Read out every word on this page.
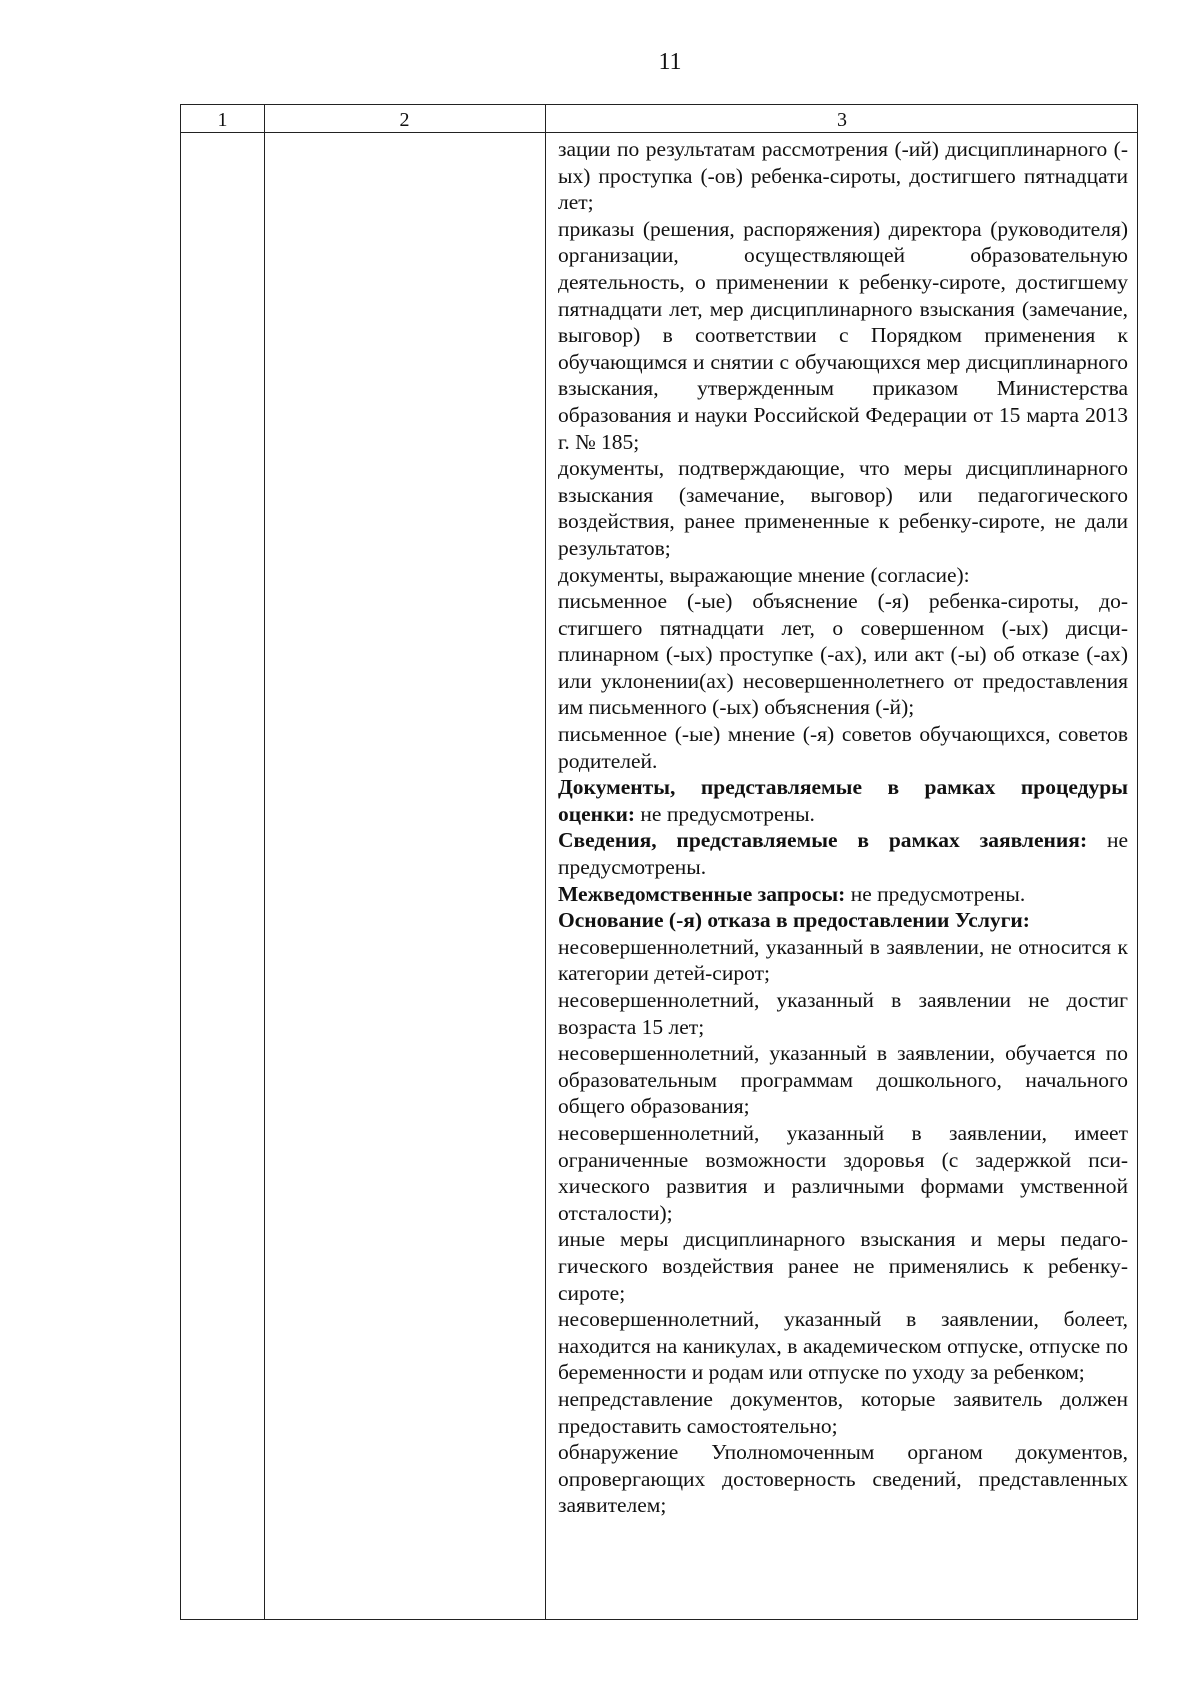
11
1	2	3

зации по результатам рассмотрения (-ий) дисциплинарного (-ых) проступка (-ов) ребенка-сироты, достигшего пятнадцати лет;

приказы (решения, распоряжения) директора (руководителя) организации, осуществляющей образовательную деятельность, о применении к ребенку-сироте, достигшему пятнадцати лет, мер дисциплинарного взыскания (замечание, выговор) в соответствии с Порядком применения к обучающимся и снятии с обучающихся мер дисциплинарного взыскания, утвержденным приказом Министерства образования и науки Российской Федерации от 15 марта 2013 г. № 185;

документы, подтверждающие, что меры дисциплинарного взыскания (замечание, выговор) или педагогического воздействия, ранее примененные к ребенку-сироте, не дали результатов;

документы, выражающие мнение (согласие):

письменное (-ые) объяснение (-я) ребенка-сироты, достигшего пятнадцати лет, о совершенном (-ых) дисциплинарном (-ых) проступке (-ах), или акт (-ы) об отказе (-ах) или уклонении(ах) несовершеннолетнего от предоставления им письменного (-ых) объяснения (-й);

письменное (-ые) мнение (-я) советов обучающихся, советов родителей.

Документы, представляемые в рамках процедуры оценки: не предусмотрены.

Сведения, представляемые в рамках заявления: не предусмотрены.

Межведомственные запросы: не предусмотрены.

Основание (-я) отказа в предоставлении Услуги:

несовершеннолетний, указанный в заявлении, не относится к категории детей-сирот;

несовершеннолетний, указанный в заявлении не достиг возраста 15 лет;

несовершеннолетний, указанный в заявлении, обучается по образовательным программам дошкольного, начального общего образования;

несовершеннолетний, указанный в заявлении, имеет ограниченные возможности здоровья (с задержкой психического развития и различными формами умственной отсталости);

иные меры дисциплинарного взыскания и меры педагогического воздействия ранее не применялись к ребенку-сироте;

несовершеннолетний, указанный в заявлении, болеет, находится на каникулах, в академическом отпуске, отпуске по беременности и родам или отпуске по уходу за ребенком;

непредставление документов, которые заявитель должен предоставить самостоятельно;

обнаружение Уполномоченным органом документов, опровергающих достоверность сведений, представленных заявителем;
